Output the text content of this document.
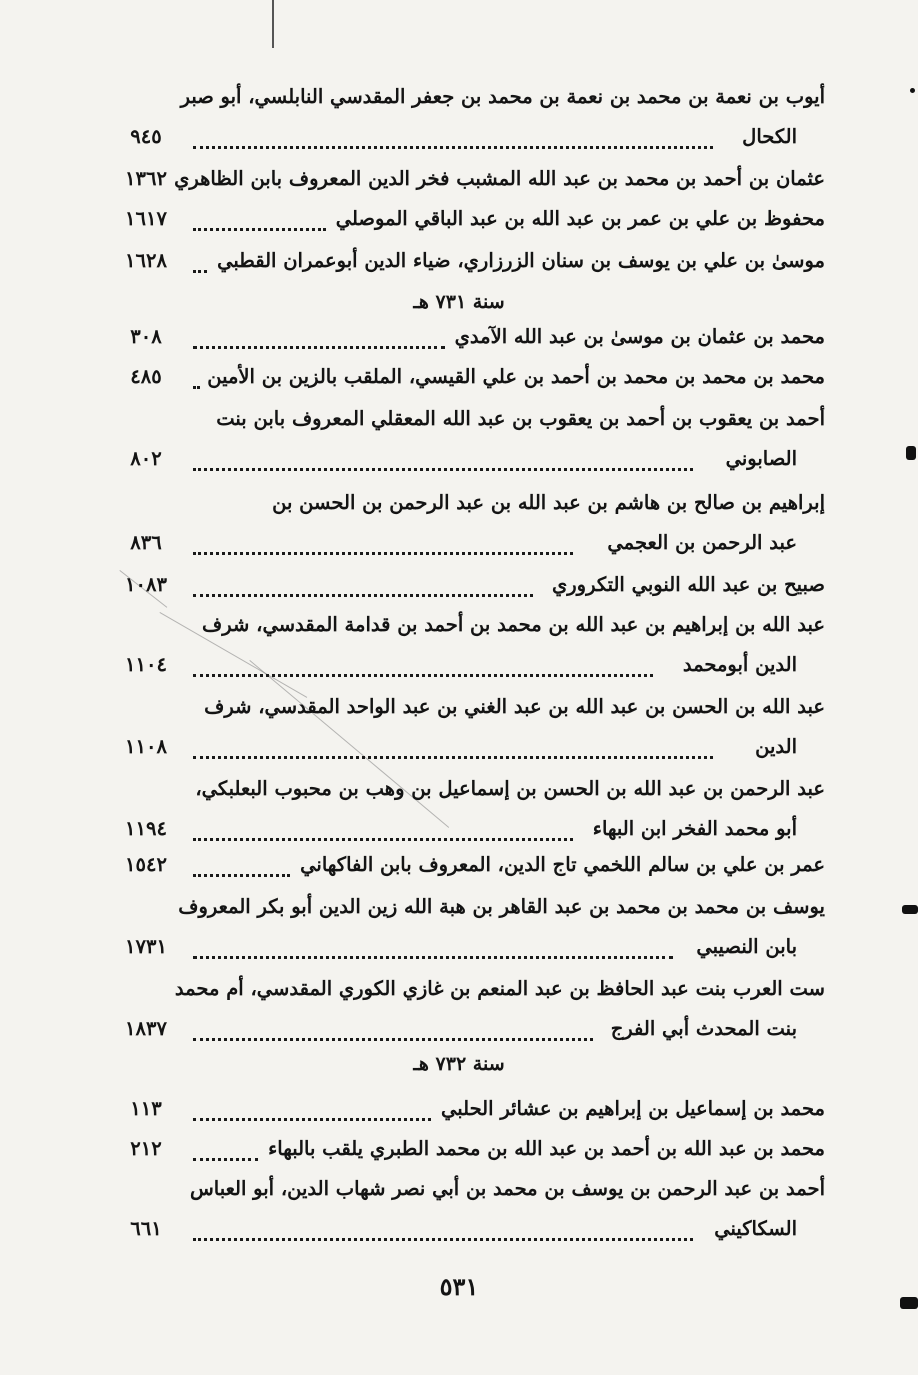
أيوب بن نعمة بن محمد بن نعمة بن محمد بن جعفر المقدسي النابلسي، أبو صبر
الكحال
٩٤٥
عثمان بن أحمد بن محمد بن عبد الله المشبب فخر الدين المعروف بابن الظاهري
١٣٦٢
محفوظ بن علي بن عمر بن عبد الله بن عبد الباقي الموصلي
١٦١٧
موسىٰ بن علي بن يوسف بن سنان الزرزاري، ضياء الدين أبوعمران القطبي
١٦٢٨
سنة ٧٣١ هـ
محمد بن عثمان بن موسىٰ بن عبد الله الآمدي
٣٠٨
محمد بن محمد بن محمد بن أحمد بن علي القيسي، الملقب بالزين بن الأمين
٤٨٥
أحمد بن يعقوب بن أحمد بن يعقوب بن عبد الله المعقلي المعروف بابن بنت
الصابوني
٨٠٢
إبراهيم بن صالح بن هاشم بن عبد الله بن عبد الرحمن بن الحسن بن
عبد الرحمن بن العجمي
٨٣٦
صبيح بن عبد الله النوبي التكروري
١٠٨٣
عبد الله بن إبراهيم بن عبد الله بن محمد بن أحمد بن قدامة المقدسي، شرف
الدين أبومحمد
١١٠٤
عبد الله بن الحسن بن عبد الله بن عبد الغني بن عبد الواحد المقدسي، شرف
الدين
١١٠٨
عبد الرحمن بن عبد الله بن الحسن بن إسماعيل بن وهب بن محبوب البعلبكي،
أبو محمد الفخر ابن البهاء
١١٩٤
عمر بن علي بن سالم اللخمي تاج الدين، المعروف بابن الفاكهاني
١٥٤٢
يوسف بن محمد بن محمد بن عبد القاهر بن هبة الله زين الدين أبو بكر المعروف
بابن النصيبي
١٧٣١
ست العرب بنت عبد الحافظ بن عبد المنعم بن غازي الكوري المقدسي، أم محمد
بنت المحدث أبي الفرج
١٨٣٧
سنة ٧٣٢ هـ
محمد بن إسماعيل بن إبراهيم بن عشائر الحلبي
١١٣
محمد بن عبد الله بن أحمد بن عبد الله بن محمد الطبري يلقب بالبهاء
٢١٢
أحمد بن عبد الرحمن بن يوسف بن محمد بن أبي نصر شهاب الدين، أبو العباس
السكاكيني
٦٦١
٥٣١
